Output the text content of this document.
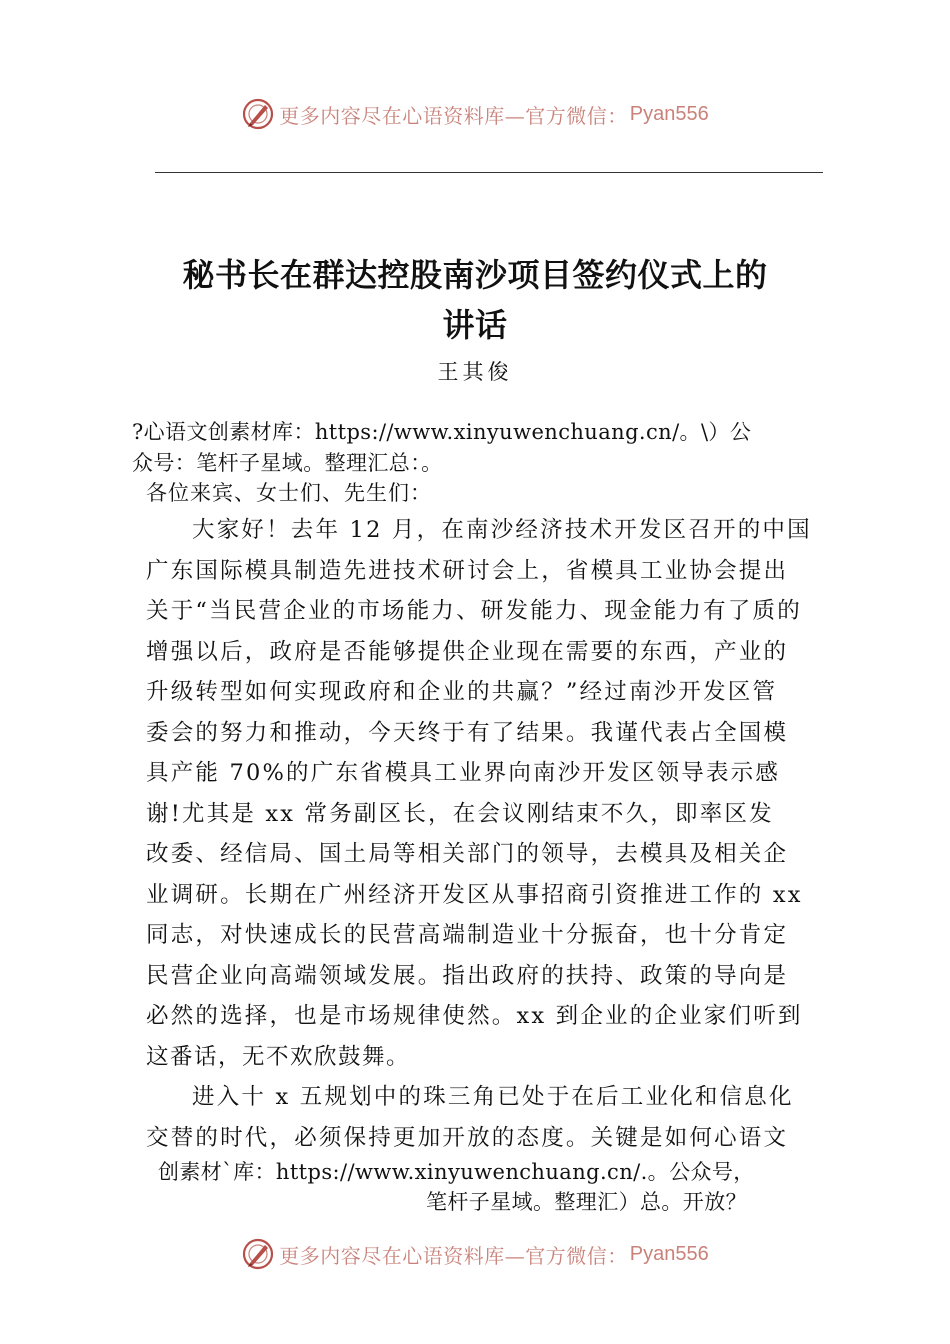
更多内容尽在心语资料库—官方微信： Pyan556
秘书长在群达控股南沙项目签约仪式上的
讲话
王其俊
?心语文创素材库：https://www.xinyuwenchuang.cn/。\）公
众号：笔杆子星域。整理汇总：。
各位来宾、女士们、先生们：
大家好！去年 12 月，在南沙经济技术开发区召开的中国
广东国际模具制造先进技术研讨会上，省模具工业协会提出
关于“当民营企业的市场能力、研发能力、现金能力有了质的
增强以后，政府是否能够提供企业现在需要的东西，产业的
升级转型如何实现政府和企业的共赢？”经过南沙开发区管
委会的努力和推动，今天终于有了结果。我谨代表占全国模
具产能 70%的广东省模具工业界向南沙开发区领导表示感
谢!尤其是 xx 常务副区长，在会议刚结束不久，即率区发
改委、经信局、国土局等相关部门的领导，去模具及相关企
业调研。长期在广州经济开发区从事招商引资推进工作的 xx
同志，对快速成长的民营高端制造业十分振奋，也十分肯定
民营企业向高端领域发展。指出政府的扶持、政策的导向是
必然的选择，也是市场规律使然。xx 到企业的企业家们听到
这番话，无不欢欣鼓舞。
进入十 x 五规划中的珠三角已处于在后工业化和信息化
交替的时代，必须保持更加开放的态度。关键是如何心语文
创素材`库：https://www.xinyuwenchuang.cn/.。公众号，
笔杆子星域。整理汇）总。开放？
更多内容尽在心语资料库—官方微信： Pyan556
